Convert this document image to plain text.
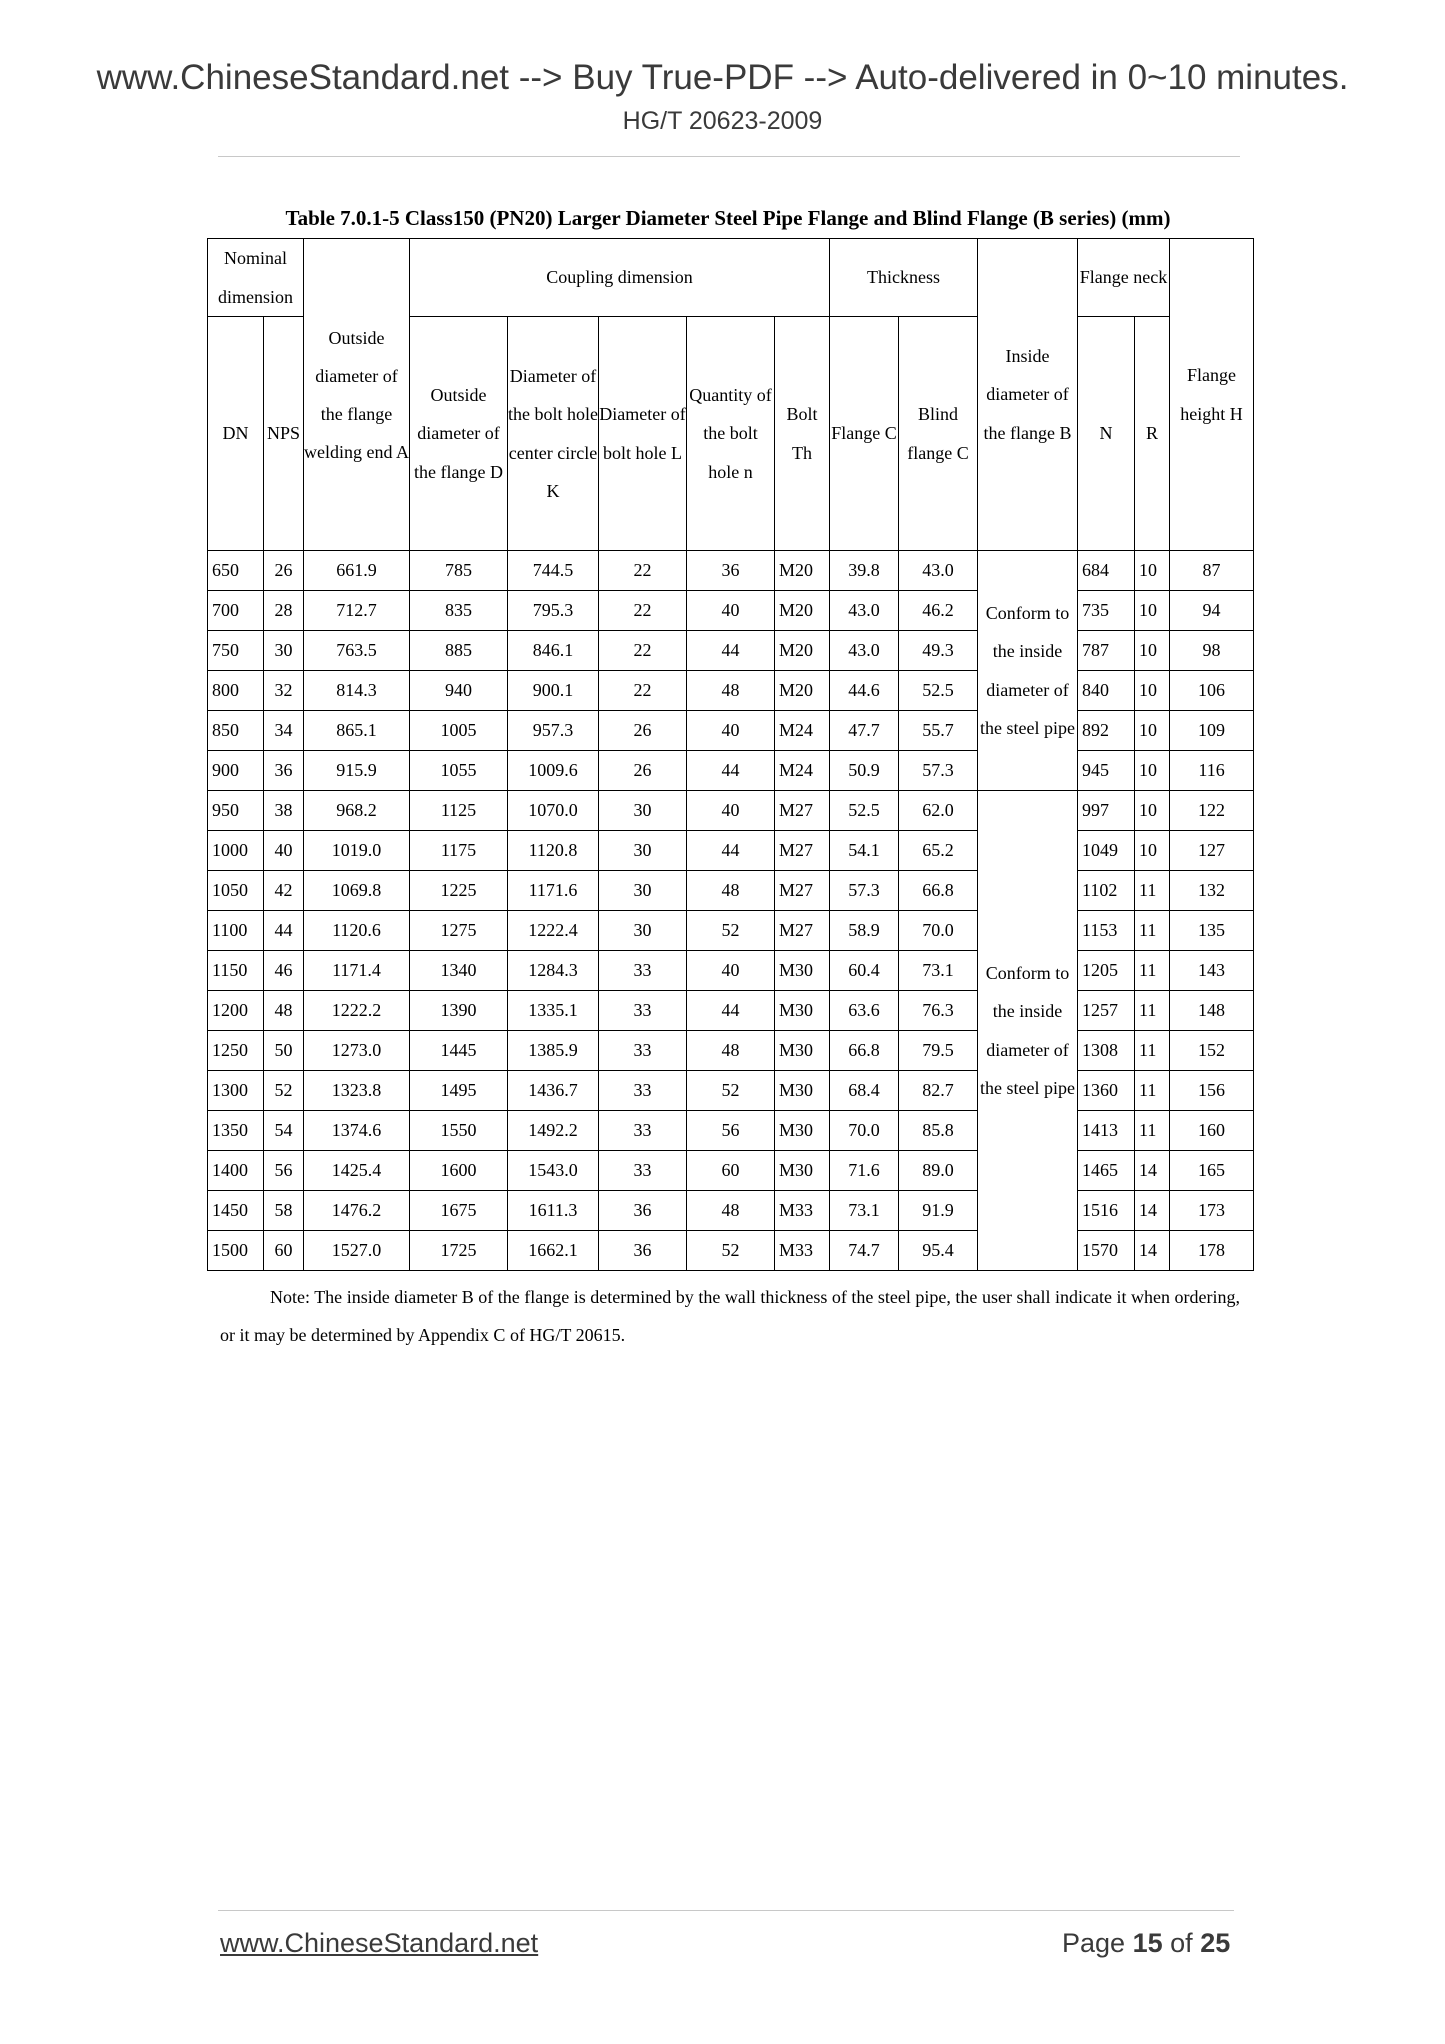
www.ChineseStandard.net --> Buy True-PDF --> Auto-delivered in 0~10 minutes.
HG/T 20623-2009
Table 7.0.1-5 Class150 (PN20) Larger Diameter Steel Pipe Flange and Blind Flange (B series) (mm)
Nominal dimension		Outside diameter of the flange welding end A	Coupling dimension					Thickness		Inside diameter of the flange B	Flange neck		Flange height H
DN	NPS		Outside diameter of the flange D	Diameter of the bolt hole center circle K	Diameter of bolt hole L	Quantity of the bolt hole n	Bolt Th	Flange C	Blind flange C		N	R	
650	26	661.9	785	744.5	22	36	M20	39.8	43.0	Conform to the inside diameter of the steel pipe	684	10	87
700	28	712.7	835	795.3	22	40	M20	43.0	46.2		735	10	94
750	30	763.5	885	846.1	22	44	M20	43.0	49.3		787	10	98
800	32	814.3	940	900.1	22	48	M20	44.6	52.5		840	10	106
850	34	865.1	1005	957.3	26	40	M24	47.7	55.7		892	10	109
900	36	915.9	1055	1009.6	26	44	M24	50.9	57.3		945	10	116
950	38	968.2	1125	1070.0	30	40	M27	52.5	62.0	Conform to the inside diameter of the steel pipe	997	10	122
1000	40	1019.0	1175	1120.8	30	44	M27	54.1	65.2		1049	10	127
1050	42	1069.8	1225	1171.6	30	48	M27	57.3	66.8		1102	11	132
1100	44	1120.6	1275	1222.4	30	52	M27	58.9	70.0		1153	11	135
1150	46	1171.4	1340	1284.3	33	40	M30	60.4	73.1		1205	11	143
1200	48	1222.2	1390	1335.1	33	44	M30	63.6	76.3		1257	11	148
1250	50	1273.0	1445	1385.9	33	48	M30	66.8	79.5		1308	11	152
1300	52	1323.8	1495	1436.7	33	52	M30	68.4	82.7		1360	11	156
1350	54	1374.6	1550	1492.2	33	56	M30	70.0	85.8		1413	11	160
1400	56	1425.4	1600	1543.0	33	60	M30	71.6	89.0		1465	14	165
1450	58	1476.2	1675	1611.3	36	48	M33	73.1	91.9		1516	14	173
1500	60	1527.0	1725	1662.1	36	52	M33	74.7	95.4		1570	14	178
Note: The inside diameter B of the flange is determined by the wall thickness of the steel pipe, the user shall indicate it when ordering, or it may be determined by Appendix C of HG/T 20615.
www.ChineseStandard.net	Page 15 of 25
